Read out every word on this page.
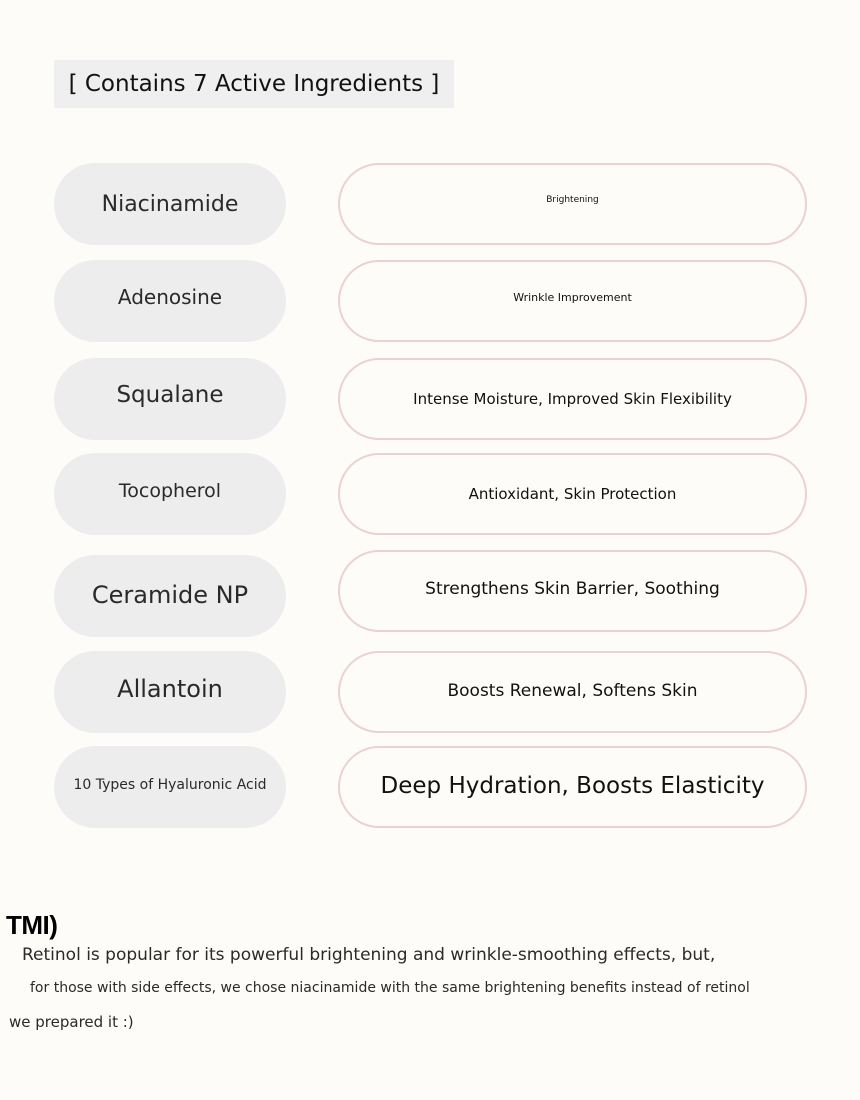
[ Contains 7 Active Ingredients ]
Niacinamide	Brightening
Adenosine	Wrinkle Improvement
Squalane	Intense Moisture, Improved Skin Flexibility
Tocopherol	Antioxidant, Skin Protection
Ceramide NP	Strengthens Skin Barrier, Soothing
Allantoin	Boosts Renewal, Softens Skin
10 Types of Hyaluronic Acid	Deep Hydration, Boosts Elasticity
TMI)
Retinol is popular for its powerful brightening and wrinkle-smoothing effects, but,
for those with side effects, we chose niacinamide with the same brightening benefits instead of retinol
we prepared it :)
